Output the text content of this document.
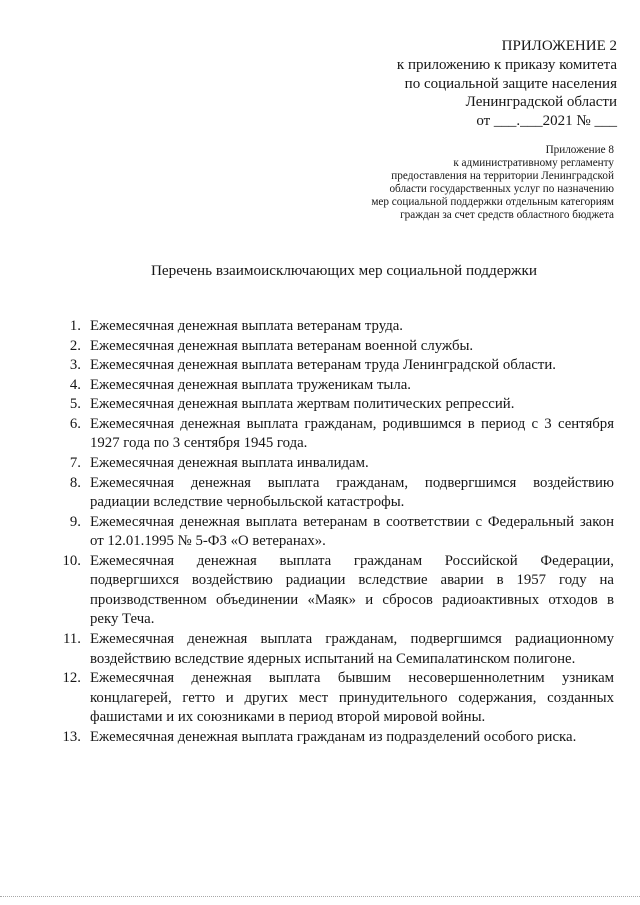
ПРИЛОЖЕНИЕ 2
к приложению к приказу комитета
по социальной защите населения
Ленинградской области
от ___.___2021 № ___
Приложение 8
к административному регламенту
предоставления на территории Ленинградской
области государственных услуг по назначению
мер социальной поддержки отдельным категориям
граждан за счет средств областного бюджета
Перечень взаимоисключающих мер социальной поддержки
1. Ежемесячная денежная выплата ветеранам труда.
2. Ежемесячная денежная выплата ветеранам военной службы.
3. Ежемесячная денежная выплата ветеранам труда Ленинградской области.
4. Ежемесячная денежная выплата труженикам тыла.
5. Ежемесячная денежная выплата жертвам политических репрессий.
6. Ежемесячная денежная выплата гражданам, родившимся в период с 3 сентября
1927 года по 3 сентября 1945 года.
7. Ежемесячная денежная выплата инвалидам.
8. Ежемесячная денежная выплата гражданам, подвергшимся воздействию
радиации вследствие чернобыльской катастрофы.
9. Ежемесячная денежная выплата ветеранам в соответствии с Федеральный закон
от 12.01.1995 № 5-ФЗ «О ветеранах».
10. Ежемесячная денежная выплата гражданам Российской Федерации,
подвергшихся воздействию радиации вследствие аварии в 1957 году на
производственном объединении «Маяк» и сбросов радиоактивных отходов в
реку Теча.
11. Ежемесячная денежная выплата гражданам, подвергшимся радиационному
воздействию вследствие ядерных испытаний на Семипалатинском полигоне.
12. Ежемесячная денежная выплата бывшим несовершеннолетним узникам
концлагерей, гетто и других мест принудительного содержания, созданных
фашистами и их союзниками в период второй мировой войны.
13. Ежемесячная денежная выплата гражданам из подразделений особого риска.
